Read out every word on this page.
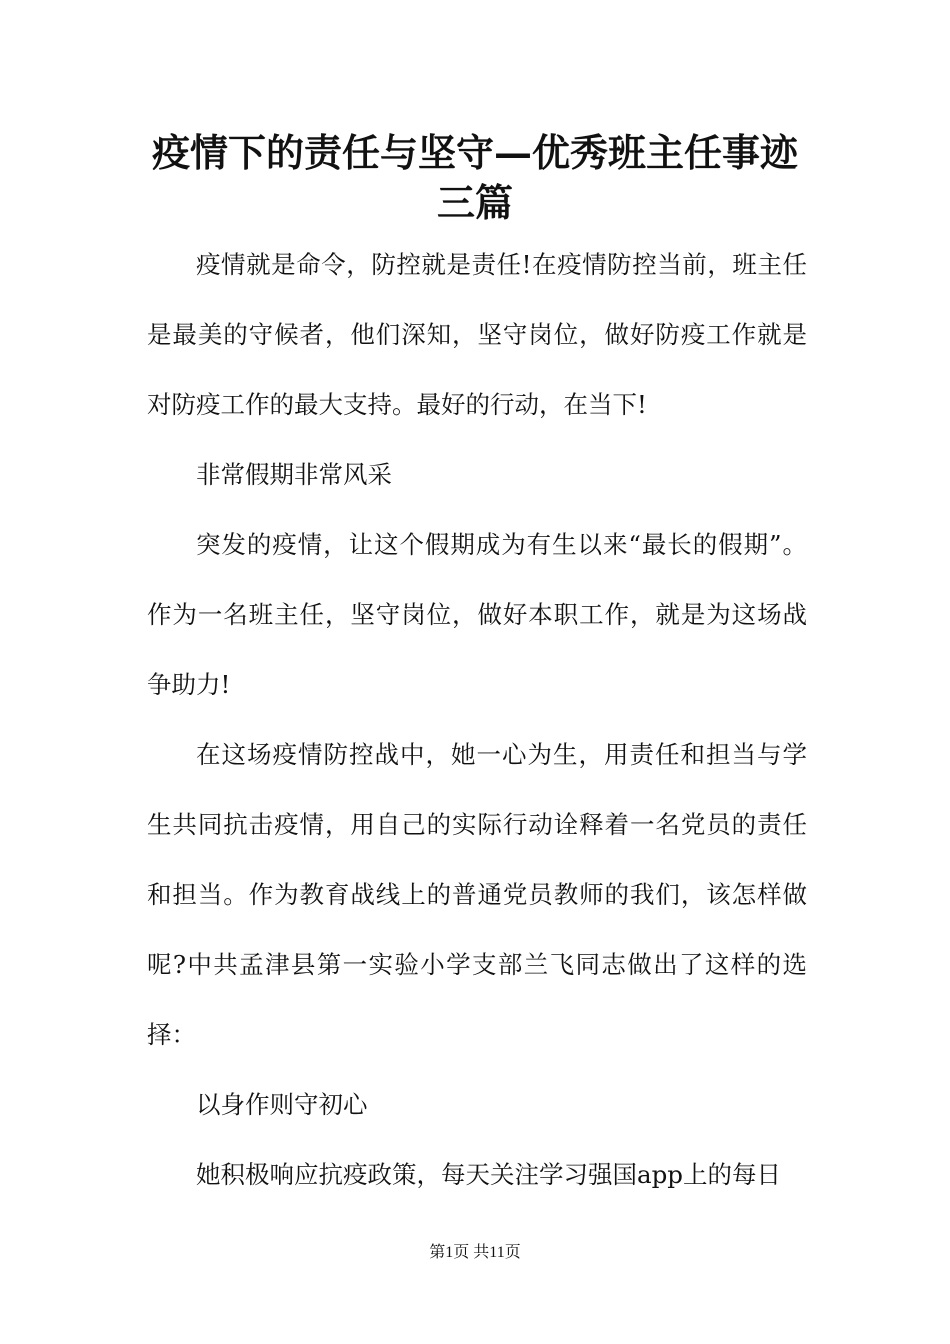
疫情下的责任与坚守—优秀班主任事迹三篇

疫情就是命令，防控就是责任!在疫情防控当前，班主任是最美的守候者，他们深知，坚守岗位，做好防疫工作就是对防疫工作的最大支持。最好的行动，在当下!

非常假期非常风采

突发的疫情，让这个假期成为有生以来“最长的假期”。作为一名班主任，坚守岗位，做好本职工作，就是为这场战争助力!

在这场疫情防控战中，她一心为生，用责任和担当与学生共同抗击疫情，用自己的实际行动诠释着一名党员的责任和担当。作为教育战线上的普通党员教师的我们，该怎样做呢?中共孟津县第一实验小学支部兰飞同志做出了这样的选择：

以身作则守初心

她积极响应抗疫政策，每天关注学习强国app上的每日

第1页 共11页
